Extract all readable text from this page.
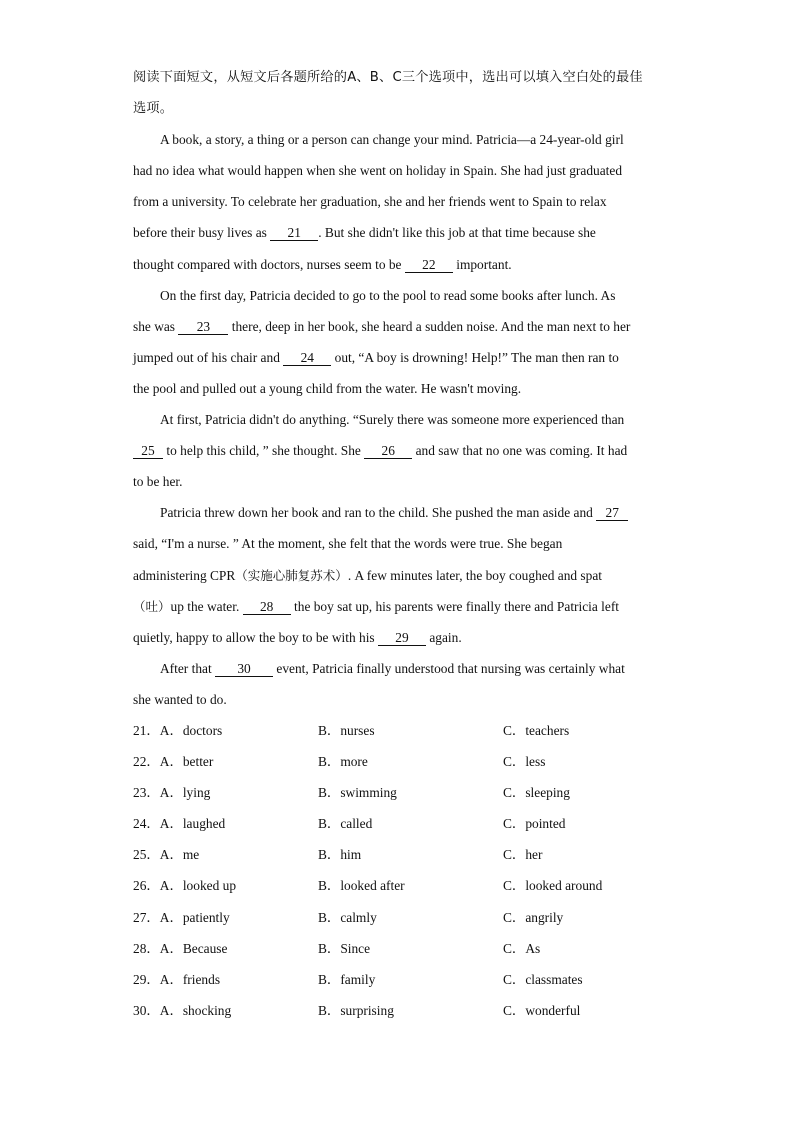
阅读下面短文，从短文后各题所给的A、B、C三个选项中，选出可以填入空白处的最佳
选项。
A book, a story, a thing or a person can change your mind. Patricia—a 24-year-old girl
had no idea what would happen when she went on holiday in Spain. She had just graduated
from a university. To celebrate her graduation, she and her friends went to Spain to relax
before their busy lives as 21 . But she didn't like this job at that time because she
thought compared with doctors, nurses seem to be 22 important.
On the first day, Patricia decided to go to the pool to read some books after lunch. As
she was 23 there, deep in her book, she heard a sudden noise. And the man next to her
jumped out of his chair and 24 out, “A boy is drowning! Help!” The man then ran to
the pool and pulled out a young child from the water. He wasn't moving.
At first, Patricia didn't do anything. “Surely there was someone more experienced than
25 to help this child, ” she thought. She 26 and saw that no one was coming. It had
to be her.
Patricia threw down her book and ran to the child. She pushed the man aside and 27
said, “I'm a nurse. ” At the moment, she felt that the words were true. She began
administering CPR（实施心肺复苏术）. A few minutes later, the boy coughed and spat
（吐）up the water. 28 the boy sat up, his parents were finally there and Patricia left
quietly, happy to allow the boy to be with his 29 again.
After that 30 event, Patricia finally understood that nursing was certainly what
she wanted to do.
21．A．doctors	B．nurses	C．teachers
22．A．better	B．more	C．less
23．A．lying	B．swimming	C．sleeping
24．A．laughed	B．called	C．pointed
25．A．me	B．him	C．her
26．A．looked up	B．looked after	C．looked around
27．A．patiently	B．calmly	C．angrily
28．A．Because	B．Since	C．As
29．A．friends	B．family	C．classmates
30．A．shocking	B．surprising	C．wonderful
